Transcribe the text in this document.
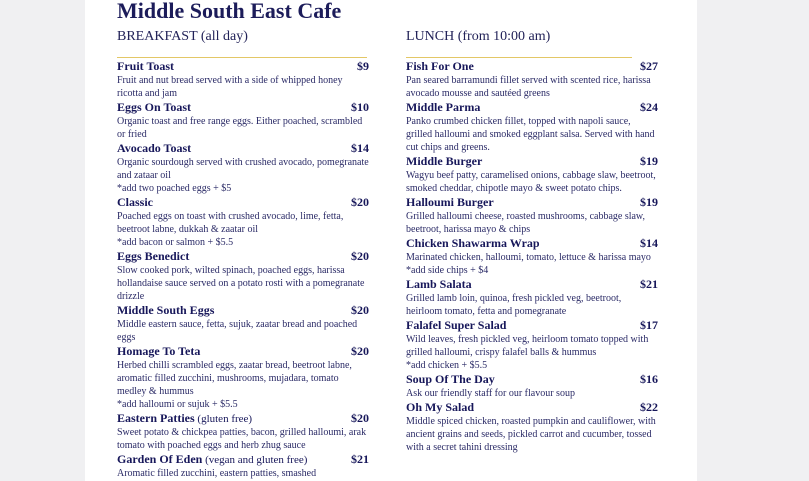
Middle South East Cafe
BREAKFAST (all day)
Fruit Toast	$9
Fruit and nut bread served with a side of whipped honey ricotta and jam
Eggs On Toast	$10
Organic toast and free range eggs. Either poached, scrambled or fried
Avocado Toast	$14
Organic sourdough served with crushed avocado, pomegranate and zataar oil
*add two poached eggs + $5
Classic	$20
Poached eggs on toast with crushed avocado, lime, fetta, beetroot labne, dukkah & zaatar oil
*add bacon or salmon + $5.5
Eggs Benedict	$20
Slow cooked pork, wilted spinach, poached eggs, harissa hollandaise sauce served on a potato rosti with a pomegranate drizzle
Middle South Eggs	$20
Middle eastern sauce, fetta, sujuk, zaatar bread and poached eggs
Homage To Teta	$20
Herbed chilli scrambled eggs, zaatar bread, beetroot labne, aromatic filled zucchini, mushrooms, mujadara, tomato medley & hummus
*add halloumi or sujuk + $5.5
Eastern Patties (gluten free)	$20
Sweet potato & chickpea patties, bacon, grilled halloumi, arak tomato with poached eggs and herb zhug sauce
Garden Of Eden (vegan and gluten free)	$21
Aromatic filled zucchini, eastern patties, smashed
LUNCH (from 10:00 am)
Fish For One	$27
Pan seared barramundi fillet served with scented rice, harissa avocado mousse and sautéed greens
Middle Parma	$24
Panko crumbed chicken fillet, topped with napoli sauce, grilled halloumi and smoked eggplant salsa. Served with hand cut chips and greens.
Middle Burger	$19
Wagyu beef patty, caramelised onions, cabbage slaw, beetroot, smoked cheddar, chipotle mayo & sweet potato chips.
Halloumi Burger	$19
Grilled halloumi cheese, roasted mushrooms, cabbage slaw, beetroot, harissa mayo & chips
Chicken Shawarma Wrap	$14
Marinated chicken, halloumi, tomato, lettuce & harissa mayo
*add side chips + $4
Lamb Salata	$21
Grilled lamb loin, quinoa, fresh pickled veg, beetroot, heirloom tomato, fetta and pomegranate
Falafel Super Salad	$17
Wild leaves, fresh pickled veg, heirloom tomato topped with grilled halloumi, crispy falafel balls & hummus
*add chicken + $5.5
Soup Of The Day	$16
Ask our friendly staff for our flavour soup
Oh My Salad	$22
Middle spiced chicken, roasted pumpkin and cauliflower, with ancient grains and seeds, pickled carrot and cucumber, tossed with a secret tahini dressing
